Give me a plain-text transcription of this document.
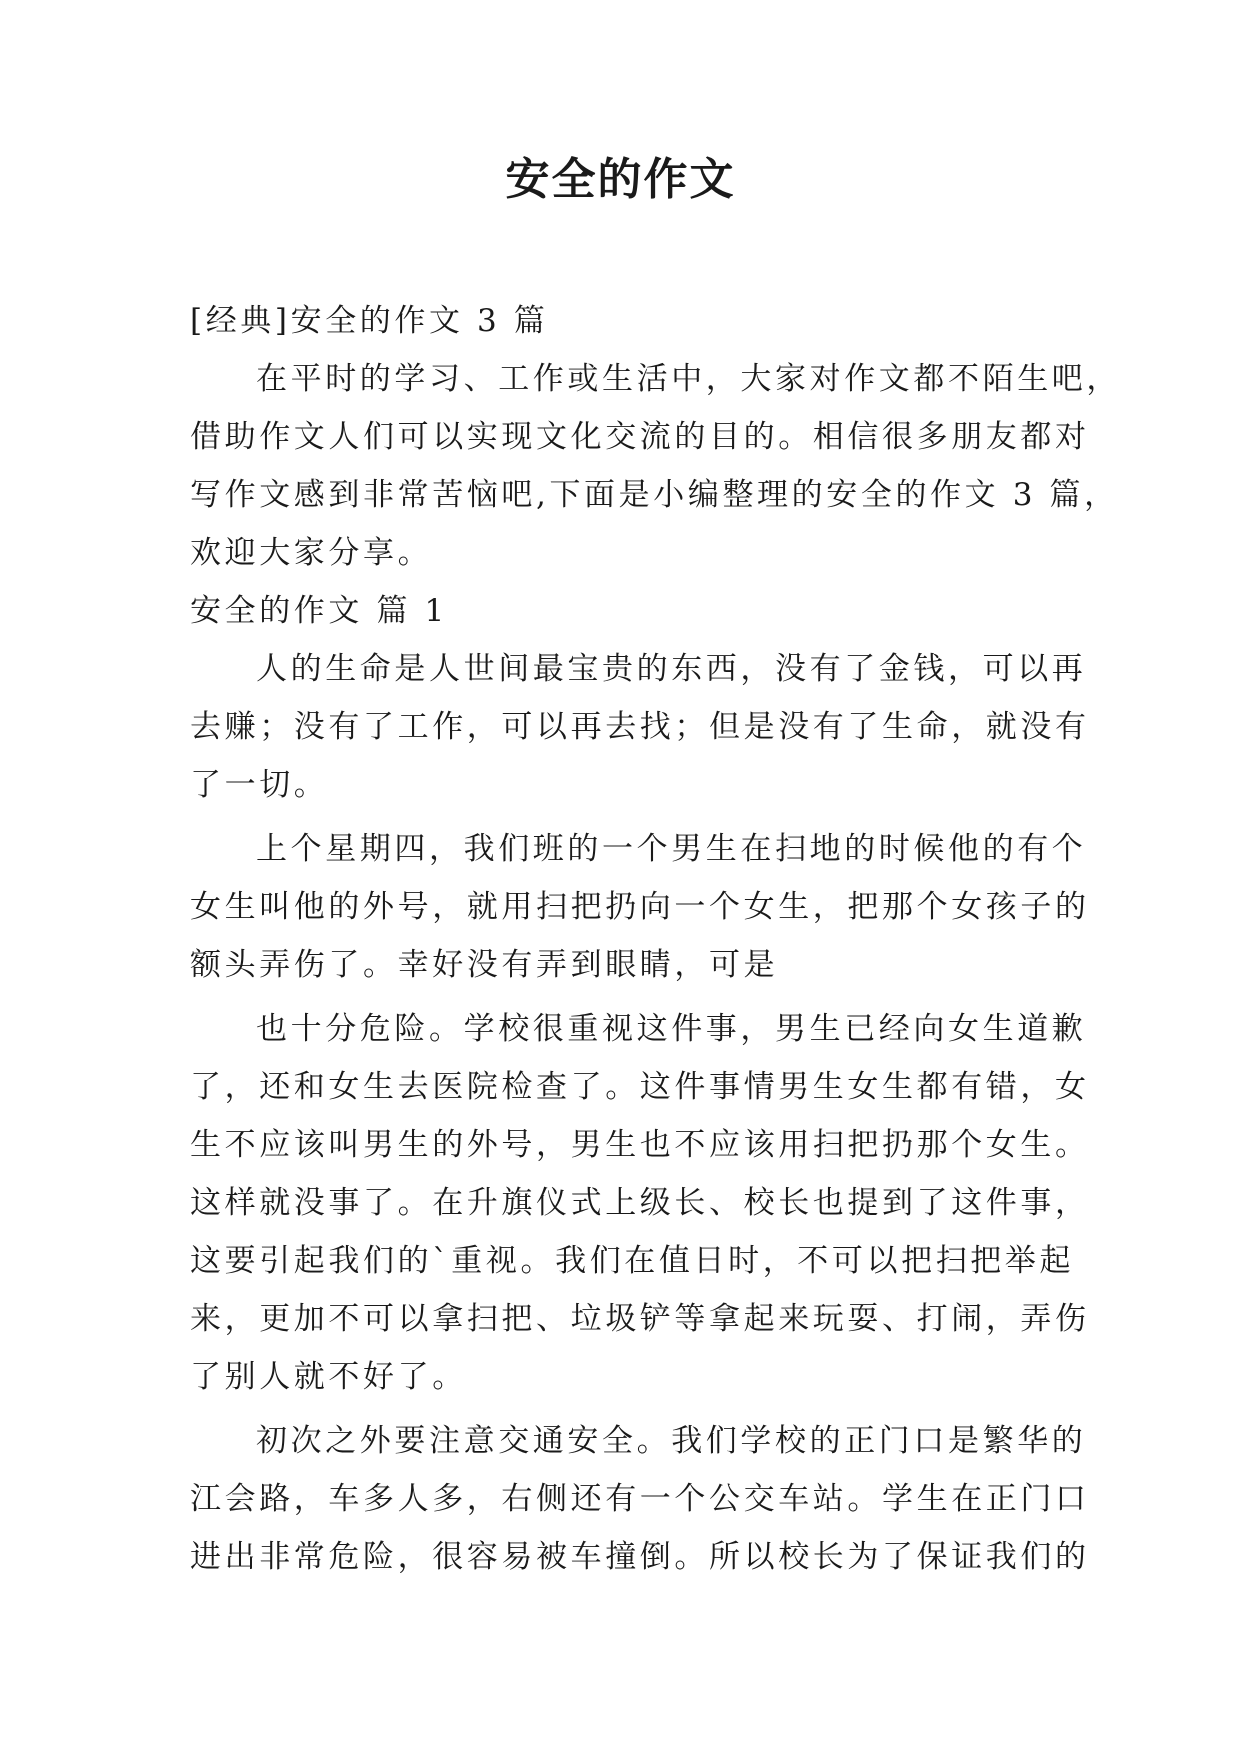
安全的作文
[经典]安全的作文 3 篇
在平时的学习、工作或生活中，大家对作文都不陌生吧，
借助作文人们可以实现文化交流的目的。相信很多朋友都对
写作文感到非常苦恼吧,下面是小编整理的安全的作文 3 篇，
欢迎大家分享。
安全的作文 篇 1
人的生命是人世间最宝贵的东西，没有了金钱，可以再
去赚；没有了工作，可以再去找；但是没有了生命，就没有
了一切。
上个星期四，我们班的一个男生在扫地的时候他的有个
女生叫他的外号，就用扫把扔向一个女生，把那个女孩子的
额头弄伤了。幸好没有弄到眼睛，可是
也十分危险。学校很重视这件事，男生已经向女生道歉
了，还和女生去医院检查了。这件事情男生女生都有错，女
生不应该叫男生的外号，男生也不应该用扫把扔那个女生。
这样就没事了。在升旗仪式上级长、校长也提到了这件事，
这要引起我们的`重视。我们在值日时，不可以把扫把举起
来，更加不可以拿扫把、垃圾铲等拿起来玩耍、打闹，弄伤
了别人就不好了。
初次之外要注意交通安全。我们学校的正门口是繁华的
江会路，车多人多，右侧还有一个公交车站。学生在正门口
进出非常危险，很容易被车撞倒。所以校长为了保证我们的
